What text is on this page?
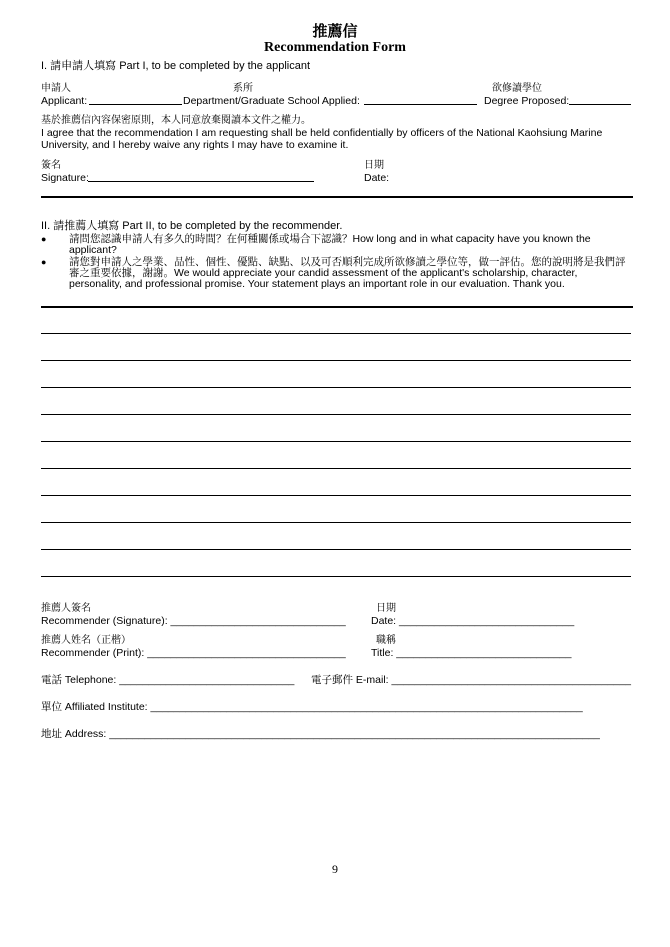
推薦信
Recommendation Form
I. 請申請人填寫 Part I, to be completed by the applicant
申請人
Applicant:
系所
Department/Graduate School Applied:
欲修讀學位
Degree Proposed:
基於推薦信內容保密原則，本人同意放棄閱讀本文件之權力。
I agree that the recommendation I am requesting shall be held confidentially by officers of the National Kaohsiung Marine
University, and I hereby waive any rights I may have to examine it.
簽名
Signature:
日期
Date:
II. 請推薦人填寫 Part II, to be completed by the recommender.
● 請問您認識申請人有多久的時間？在何種關係或場合下認識？How long and in what capacity have you known the applicant?
● 請您對申請人之學業、品性、個性、優點、缺點、以及可否順利完成所欲修讀之學位等，做一評估。您的說明將是我們評審之重要依據，謝謝。We would appreciate your candid assessment of the applicant's scholarship, character, personality, and professional promise. Your statement plays an important role in our evaluation. Thank you.
推薦人簽名
Recommender (Signature): ______________________________
日期
Date: ______________________________
推薦人姓名（正楷）
Recommender (Print): __________________________________
職稱
Title: ______________________________
電話 Telephone: ______________________________ 電子郵件 E-mail: _________________________________________
單位 Affiliated Institute: __________________________________________________________________________
地址 Address: ____________________________________________________________________________________
9
